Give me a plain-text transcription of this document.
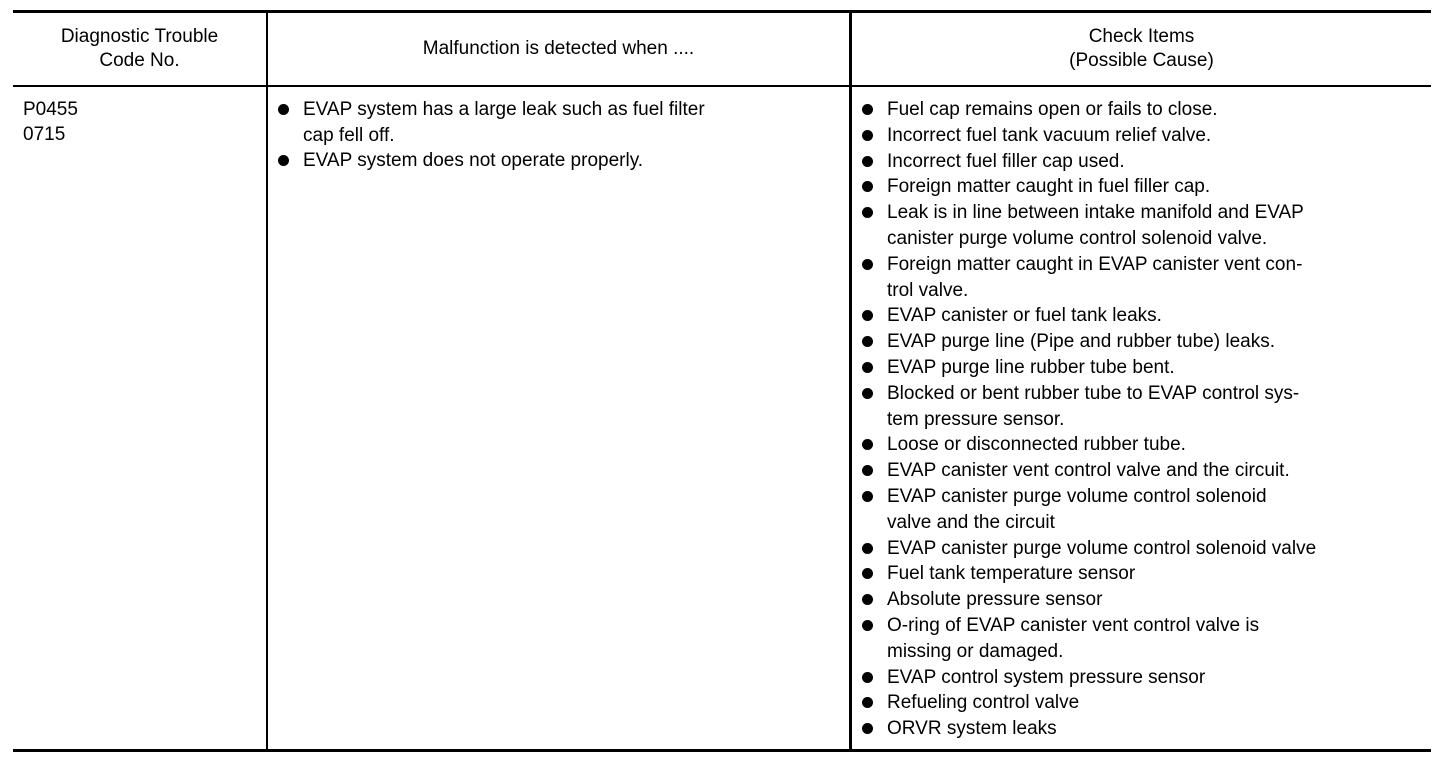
Diagnostic Trouble
Code No.
Malfunction is detected when ....
Check Items
(Possible Cause)
P0455
0715
EVAP system has a large leak such as fuel filter
cap fell off.
EVAP system does not operate properly.
Fuel cap remains open or fails to close.
Incorrect fuel tank vacuum relief valve.
Incorrect fuel filler cap used.
Foreign matter caught in fuel filler cap.
Leak is in line between intake manifold and EVAP
canister purge volume control solenoid valve.
Foreign matter caught in EVAP canister vent con-
trol valve.
EVAP canister or fuel tank leaks.
EVAP purge line (Pipe and rubber tube) leaks.
EVAP purge line rubber tube bent.
Blocked or bent rubber tube to EVAP control sys-
tem pressure sensor.
Loose or disconnected rubber tube.
EVAP canister vent control valve and the circuit.
EVAP canister purge volume control solenoid
valve and the circuit
EVAP canister purge volume control solenoid valve
Fuel tank temperature sensor
Absolute pressure sensor
O-ring of EVAP canister vent control valve is
missing or damaged.
EVAP control system pressure sensor
Refueling control valve
ORVR system leaks
